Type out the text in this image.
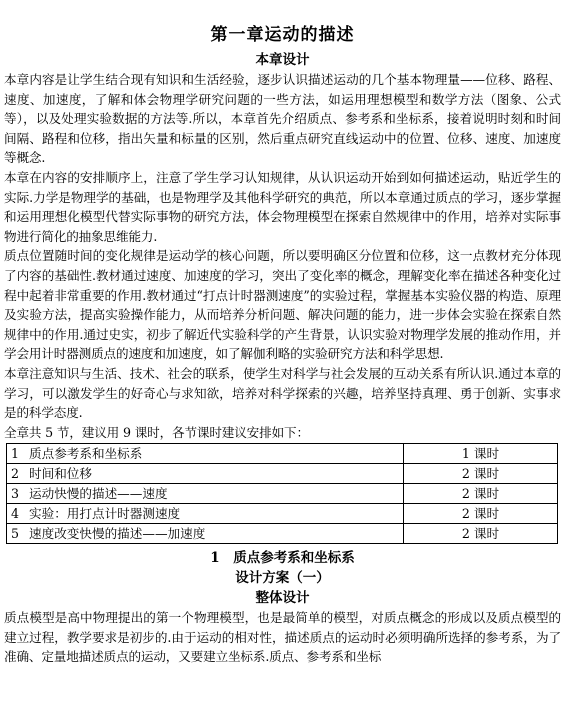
第一章运动的描述

本章设计

本章内容是让学生结合现有知识和生活经验，逐步认识描述运动的几个基本物理量——位移、路程、速度、加速度，了解和体会物理学研究问题的一些方法，如运用理想模型和数学方法（图象、公式等），以及处理实验数据的方法等.所以，本章首先介绍质点、参考系和坐标系，接着说明时刻和时间间隔、路程和位移，指出矢量和标量的区别，然后重点研究直线运动中的位置、位移、速度、加速度等概念.

本章在内容的安排顺序上，注意了学生学习认知规律，从认识运动开始到如何描述运动，贴近学生的实际.力学是物理学的基础，也是物理学及其他科学研究的典范，所以本章通过质点的学习，逐步掌握和运用理想化模型代替实际事物的研究方法，体会物理模型在探索自然规律中的作用，培养对实际事物进行简化的抽象思维能力.

质点位置随时间的变化规律是运动学的核心问题，所以要明确区分位置和位移，这一点教材充分体现了内容的基础性.教材通过速度、加速度的学习，突出了变化率的概念，理解变化率在描述各种变化过程中起着非常重要的作用.教材通过“打点计时器测速度”的实验过程，掌握基本实验仪器的构造、原理及实验方法，提高实验操作能力，从而培养分析问题、解决问题的能力，进一步体会实验在探索自然规律中的作用.通过史实，初步了解近代实验科学的产生背景，认识实验对物理学发展的推动作用，并学会用计时器测质点的速度和加速度，如了解伽利略的实验研究方法和科学思想.

本章注意知识与生活、技术、社会的联系，使学生对科学与社会发展的互动关系有所认识.通过本章的学习，可以激发学生的好奇心与求知欲，培养对科学探索的兴趣，培养坚持真理、勇于创新、实事求是的科学态度.

全章共 5 节，建议用 9 课时，各节课时建议安排如下：

1	质点参考系和坐标系	1 课时
2	时间和位移	2 课时
3	运动快慢的描述——速度	2 课时
4	实验：用打点计时器测速度	2 课时
5	速度改变快慢的描述——加速度	2 课时

1　质点参考系和坐标系

设计方案（一）

整体设计

质点模型是高中物理提出的第一个物理模型，也是最简单的模型，对质点概念的形成以及质点模型的建立过程，教学要求是初步的.由于运动的相对性，描述质点的运动时必须明确所选择的参考系，为了准确、定量地描述质点的运动，又要建立坐标系.质点、参考系和坐标
